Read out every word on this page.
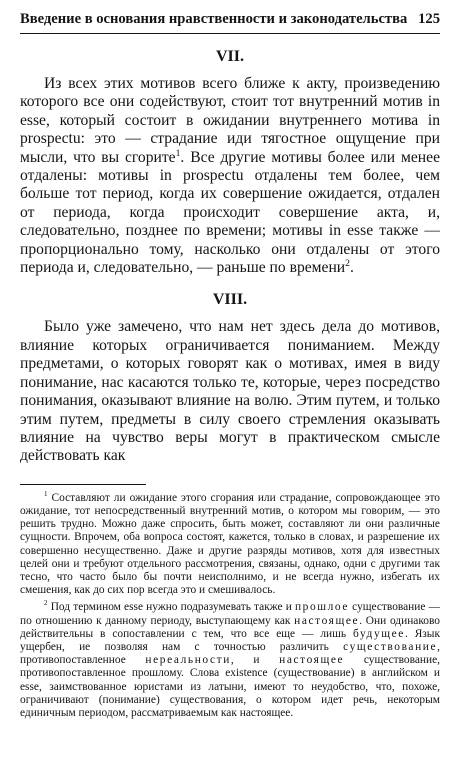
Введение в основания нравственности и законодательства 125
VII.

Из всех этих мотивов всего ближе к акту, произведению которого все они содействуют, стоит тот внутренний мотив in esse, который состоит в ожидании внутреннего мотива in prospectu: это — страдание иди тягостное ощущение при мысли, что вы сгорите$^1$. Все другие мотивы более или менее отдалены: мотивы in prospectu отдалены тем более, чем больше тот период, когда их совершение ожидается, отдален от периода, когда происходит совершение акта, и, следовательно, позднее по времени; мотивы in esse также — пропорционально тому, насколько они отдалены от этого периода и, следовательно, — раньше по времени$^2$.

VIII.

Было уже замечено, что нам нет здесь дела до мотивов, влияние которых ограничивается пониманием. Между предметами, о которых говорят как о мотивах, имея в виду понимание, нас касаются только те, которые, через посредство понимания, оказывают влияние на волю. Этим путем, и только этим путем, предметы в силу своего стремления оказывать влияние на чувство веры могут в практическом смысле действовать как

$^1$ Составляют ли ожидание этого сгорания или страдание, сопровождающее это ожидание, тот непосредственный внутренний мотив, о котором мы говорим, — это решить трудно. Можно даже спросить, быть может, составляют ли они различные сущности. Впрочем, оба вопроса состоят, кажется, только в словах, и разрешение их совершенно несущественно. Даже и другие разряды мотивов, хотя для известных целей они и требуют отдельного рассмотрения, связаны, однако, одни с другими так тесно, что часто было бы почти неисполнимо, и не всегда нужно, избегать их смешения, как до сих пор всегда это и смешивалось.

$^2$ Под термином esse нужно подразумевать также и прошлое существование — по отношению к данному периоду, выступающему как настоящее. Они одинаково действительны в сопоставлении с тем, что все еще — лишь будущее. Язык ущербен, ие позволяя нам с точностью различить существование, противопоставленное нереальности, и настоящее существование, противопоставленное прошлому. Слова existence (существование) в английском и esse, заимствованное юристами из латыни, имеют то неудобство, что, похоже, ограничивают (понимание) существования, о котором идет речь, некоторым единичным периодом, рассматриваемым как настоящее.
